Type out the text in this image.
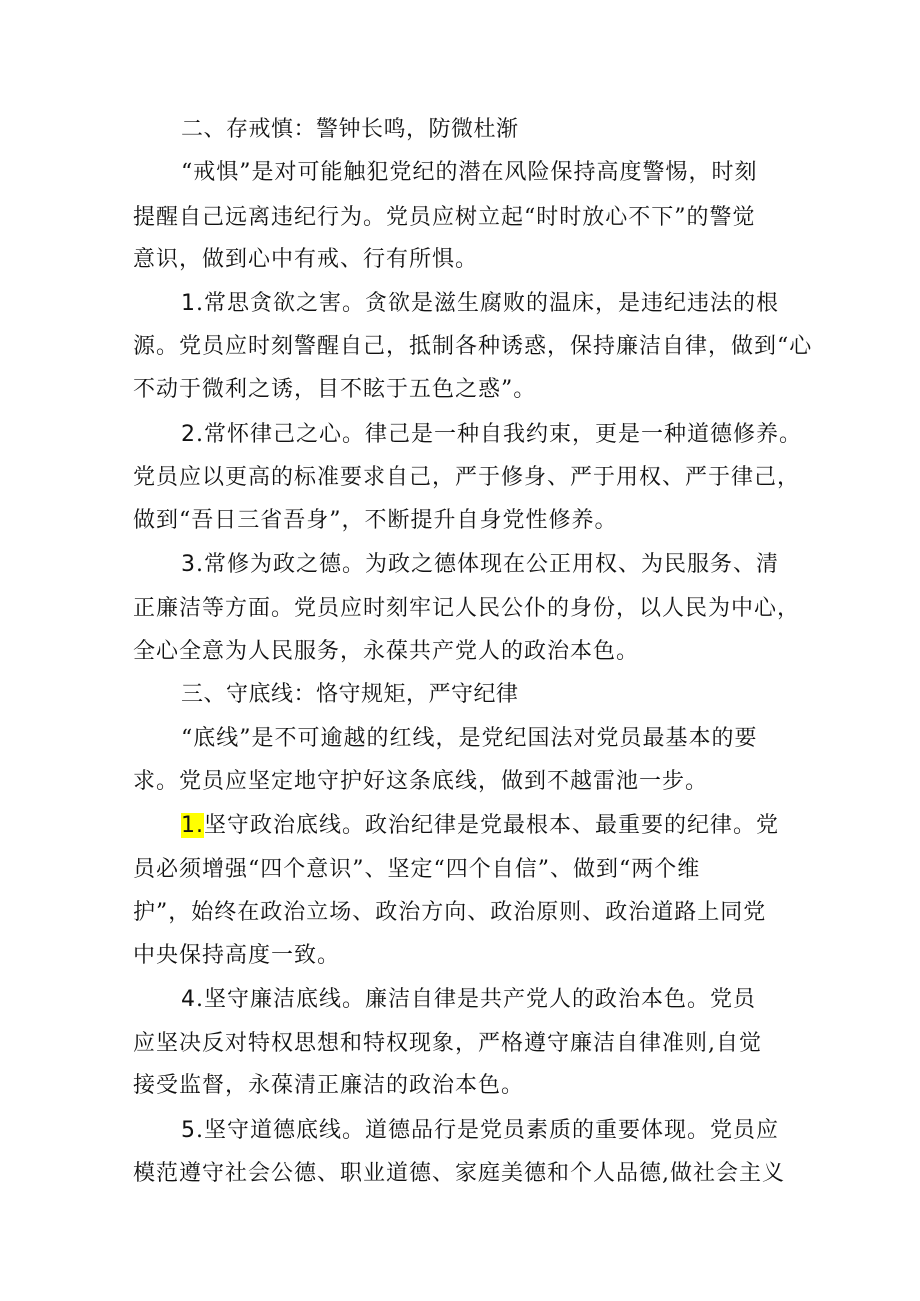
二、存戒慎：警钟长鸣，防微杜渐
“戒惧”是对可能触犯党纪的潜在风险保持高度警惕，时刻
提醒自己远离违纪行为。党员应树立起“时时放心不下”的警觉
意识，做到心中有戒、行有所惧。
1.常思贪欲之害。贪欲是滋生腐败的温床，是违纪违法的根
源。党员应时刻警醒自己，抵制各种诱惑，保持廉洁自律，做到“心
不动于微利之诱，目不眩于五色之惑”。
2.常怀律己之心。律己是一种自我约束，更是一种道德修养。
党员应以更高的标准要求自己，严于修身、严于用权、严于律己，
做到“吾日三省吾身”，不断提升自身党性修养。
3.常修为政之德。为政之德体现在公正用权、为民服务、清
正廉洁等方面。党员应时刻牢记人民公仆的身份，以人民为中心，
全心全意为人民服务，永葆共产党人的政治本色。
三、守底线：恪守规矩，严守纪律
“底线”是不可逾越的红线，是党纪国法对党员最基本的要
求。党员应坚定地守护好这条底线，做到不越雷池一步。
1.坚守政治底线。政治纪律是党最根本、最重要的纪律。党
员必须增强“四个意识”、坚定“四个自信”、做到“两个维
护”，始终在政治立场、政治方向、政治原则、政治道路上同党
中央保持高度一致。
4.坚守廉洁底线。廉洁自律是共产党人的政治本色。党员
应坚决反对特权思想和特权现象，严格遵守廉洁自律准则,自觉
接受监督，永葆清正廉洁的政治本色。
5.坚守道德底线。道德品行是党员素质的重要体现。党员应
模范遵守社会公德、职业道德、家庭美德和个人品德,做社会主义
